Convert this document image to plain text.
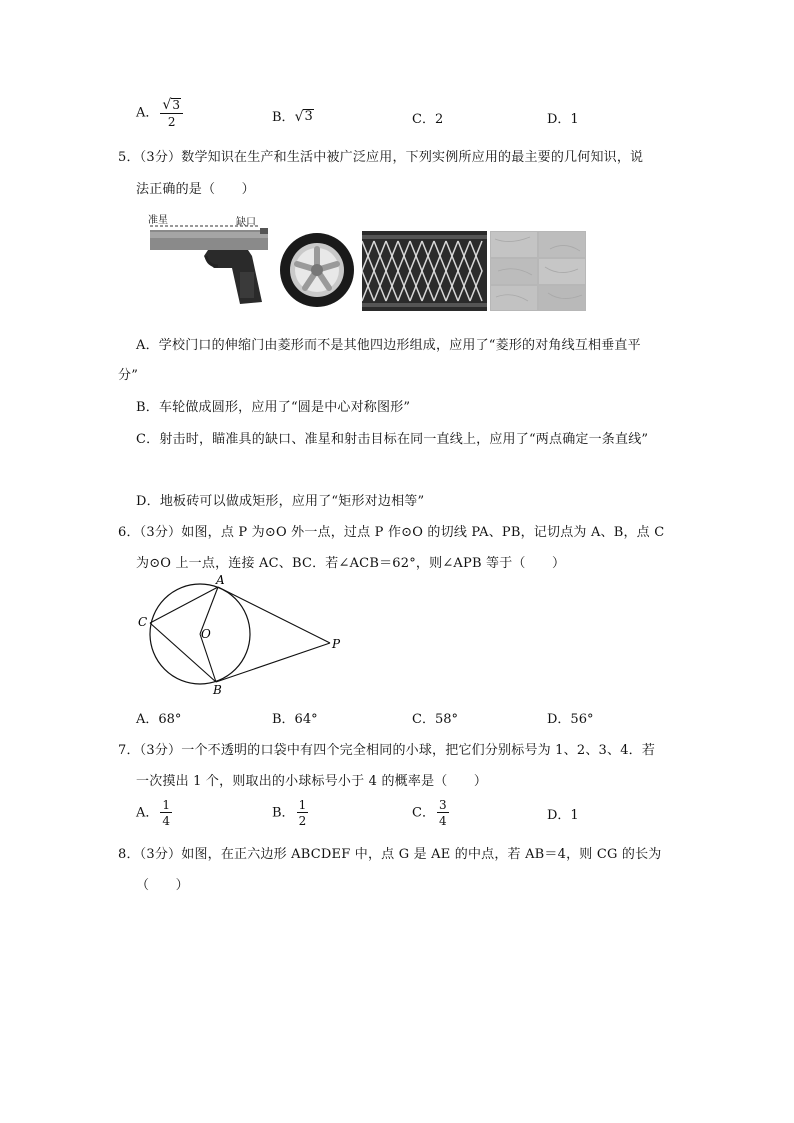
A． $\frac{√ 3}{2}$	B． √ 3	C．2	D．1
5．（3分）数学知识在生产和生活中被广泛应用，下列实例所应用的最主要的几何知识，说
法正确的是（　　）
准星	缺口
A．学校门口的伸缩门由菱形而不是其他四边形组成，应用了“菱形的对角线互相垂直平
分”
B．车轮做成圆形，应用了“圆是中心对称图形”
C．射击时，瞄准具的缺口、准星和射击目标在同一直线上，应用了“两点确定一条直线”
D．地板砖可以做成矩形，应用了“矩形对边相等”
6．（3分）如图，点 P 为⊙O 外一点，过点 P 作⊙O 的切线 PA、PB，记切点为 A、B，点 C
为⊙O 上一点，连接 AC、BC．若∠ACB＝62°，则∠APB 等于（　　）
A
B
C
O
P
A．68°	B．64°	C．58°	D．56°
7．（3分）一个不透明的口袋中有四个完全相同的小球，把它们分别标号为 1、2、3、4．若
一次摸出 1 个，则取出的小球标号小于 4 的概率是（　　）
A． $\frac{1}{4}$	B． $\frac{1}{2}$	C． $\frac{3}{4}$	D．1
8．（3分）如图，在正六边形 ABCDEF 中，点 G 是 AE 的中点，若 AB＝4，则 CG 的长为
（　　）
